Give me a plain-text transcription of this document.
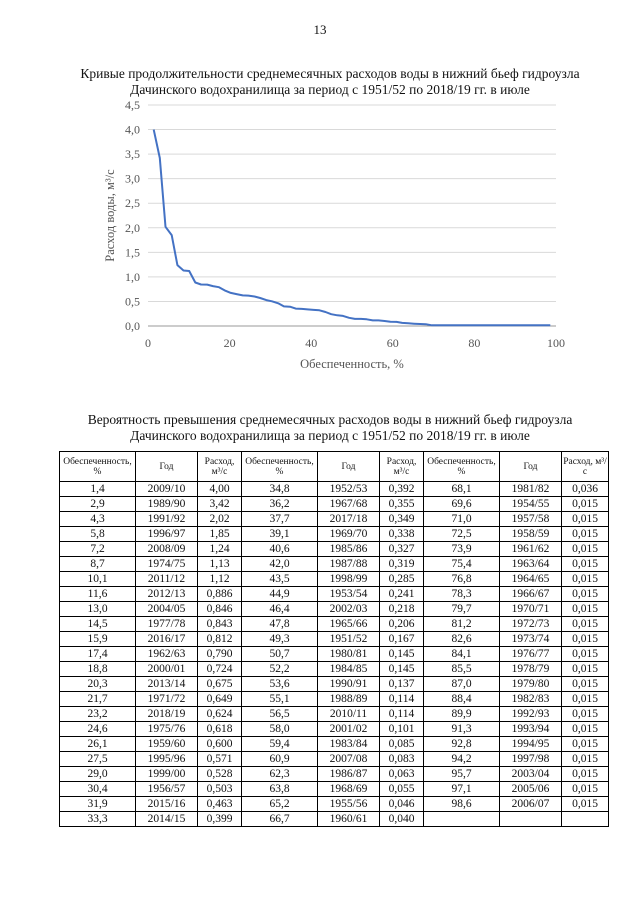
13
Кривые продолжительности среднемесячных расходов воды в нижний бьеф гидроузла
Дачинского водохранилища за период с 1951/52 по 2018/19 гг. в июле
0,0
0,5
1,0
1,5
2,0
2,5
3,0
3,5
4,0
4,5
0	20	40	60	80	100
Обеспеченность, %
Расход воды, м³/с
Вероятность превышения среднемесячных расходов воды в нижний бьеф гидроузла
Дачинского водохранилища за период с 1951/52 по 2018/19 гг. в июле
Обеспеченность, %	Год	Расход, м³/с	Обеспеченность, %	Год	Расход, м³/с	Обеспеченность, %	Год	Расход, м³/с
1,4	2009/10	4,00	34,8	1952/53	0,392	68,1	1981/82	0,036
2,9	1989/90	3,42	36,2	1967/68	0,355	69,6	1954/55	0,015
4,3	1991/92	2,02	37,7	2017/18	0,349	71,0	1957/58	0,015
5,8	1996/97	1,85	39,1	1969/70	0,338	72,5	1958/59	0,015
7,2	2008/09	1,24	40,6	1985/86	0,327	73,9	1961/62	0,015
8,7	1974/75	1,13	42,0	1987/88	0,319	75,4	1963/64	0,015
10,1	2011/12	1,12	43,5	1998/99	0,285	76,8	1964/65	0,015
11,6	2012/13	0,886	44,9	1953/54	0,241	78,3	1966/67	0,015
13,0	2004/05	0,846	46,4	2002/03	0,218	79,7	1970/71	0,015
14,5	1977/78	0,843	47,8	1965/66	0,206	81,2	1972/73	0,015
15,9	2016/17	0,812	49,3	1951/52	0,167	82,6	1973/74	0,015
17,4	1962/63	0,790	50,7	1980/81	0,145	84,1	1976/77	0,015
18,8	2000/01	0,724	52,2	1984/85	0,145	85,5	1978/79	0,015
20,3	2013/14	0,675	53,6	1990/91	0,137	87,0	1979/80	0,015
21,7	1971/72	0,649	55,1	1988/89	0,114	88,4	1982/83	0,015
23,2	2018/19	0,624	56,5	2010/11	0,114	89,9	1992/93	0,015
24,6	1975/76	0,618	58,0	2001/02	0,101	91,3	1993/94	0,015
26,1	1959/60	0,600	59,4	1983/84	0,085	92,8	1994/95	0,015
27,5	1995/96	0,571	60,9	2007/08	0,083	94,2	1997/98	0,015
29,0	1999/00	0,528	62,3	1986/87	0,063	95,7	2003/04	0,015
30,4	1956/57	0,503	63,8	1968/69	0,055	97,1	2005/06	0,015
31,9	2015/16	0,463	65,2	1955/56	0,046	98,6	2006/07	0,015
33,3	2014/15	0,399	66,7	1960/61	0,040			
